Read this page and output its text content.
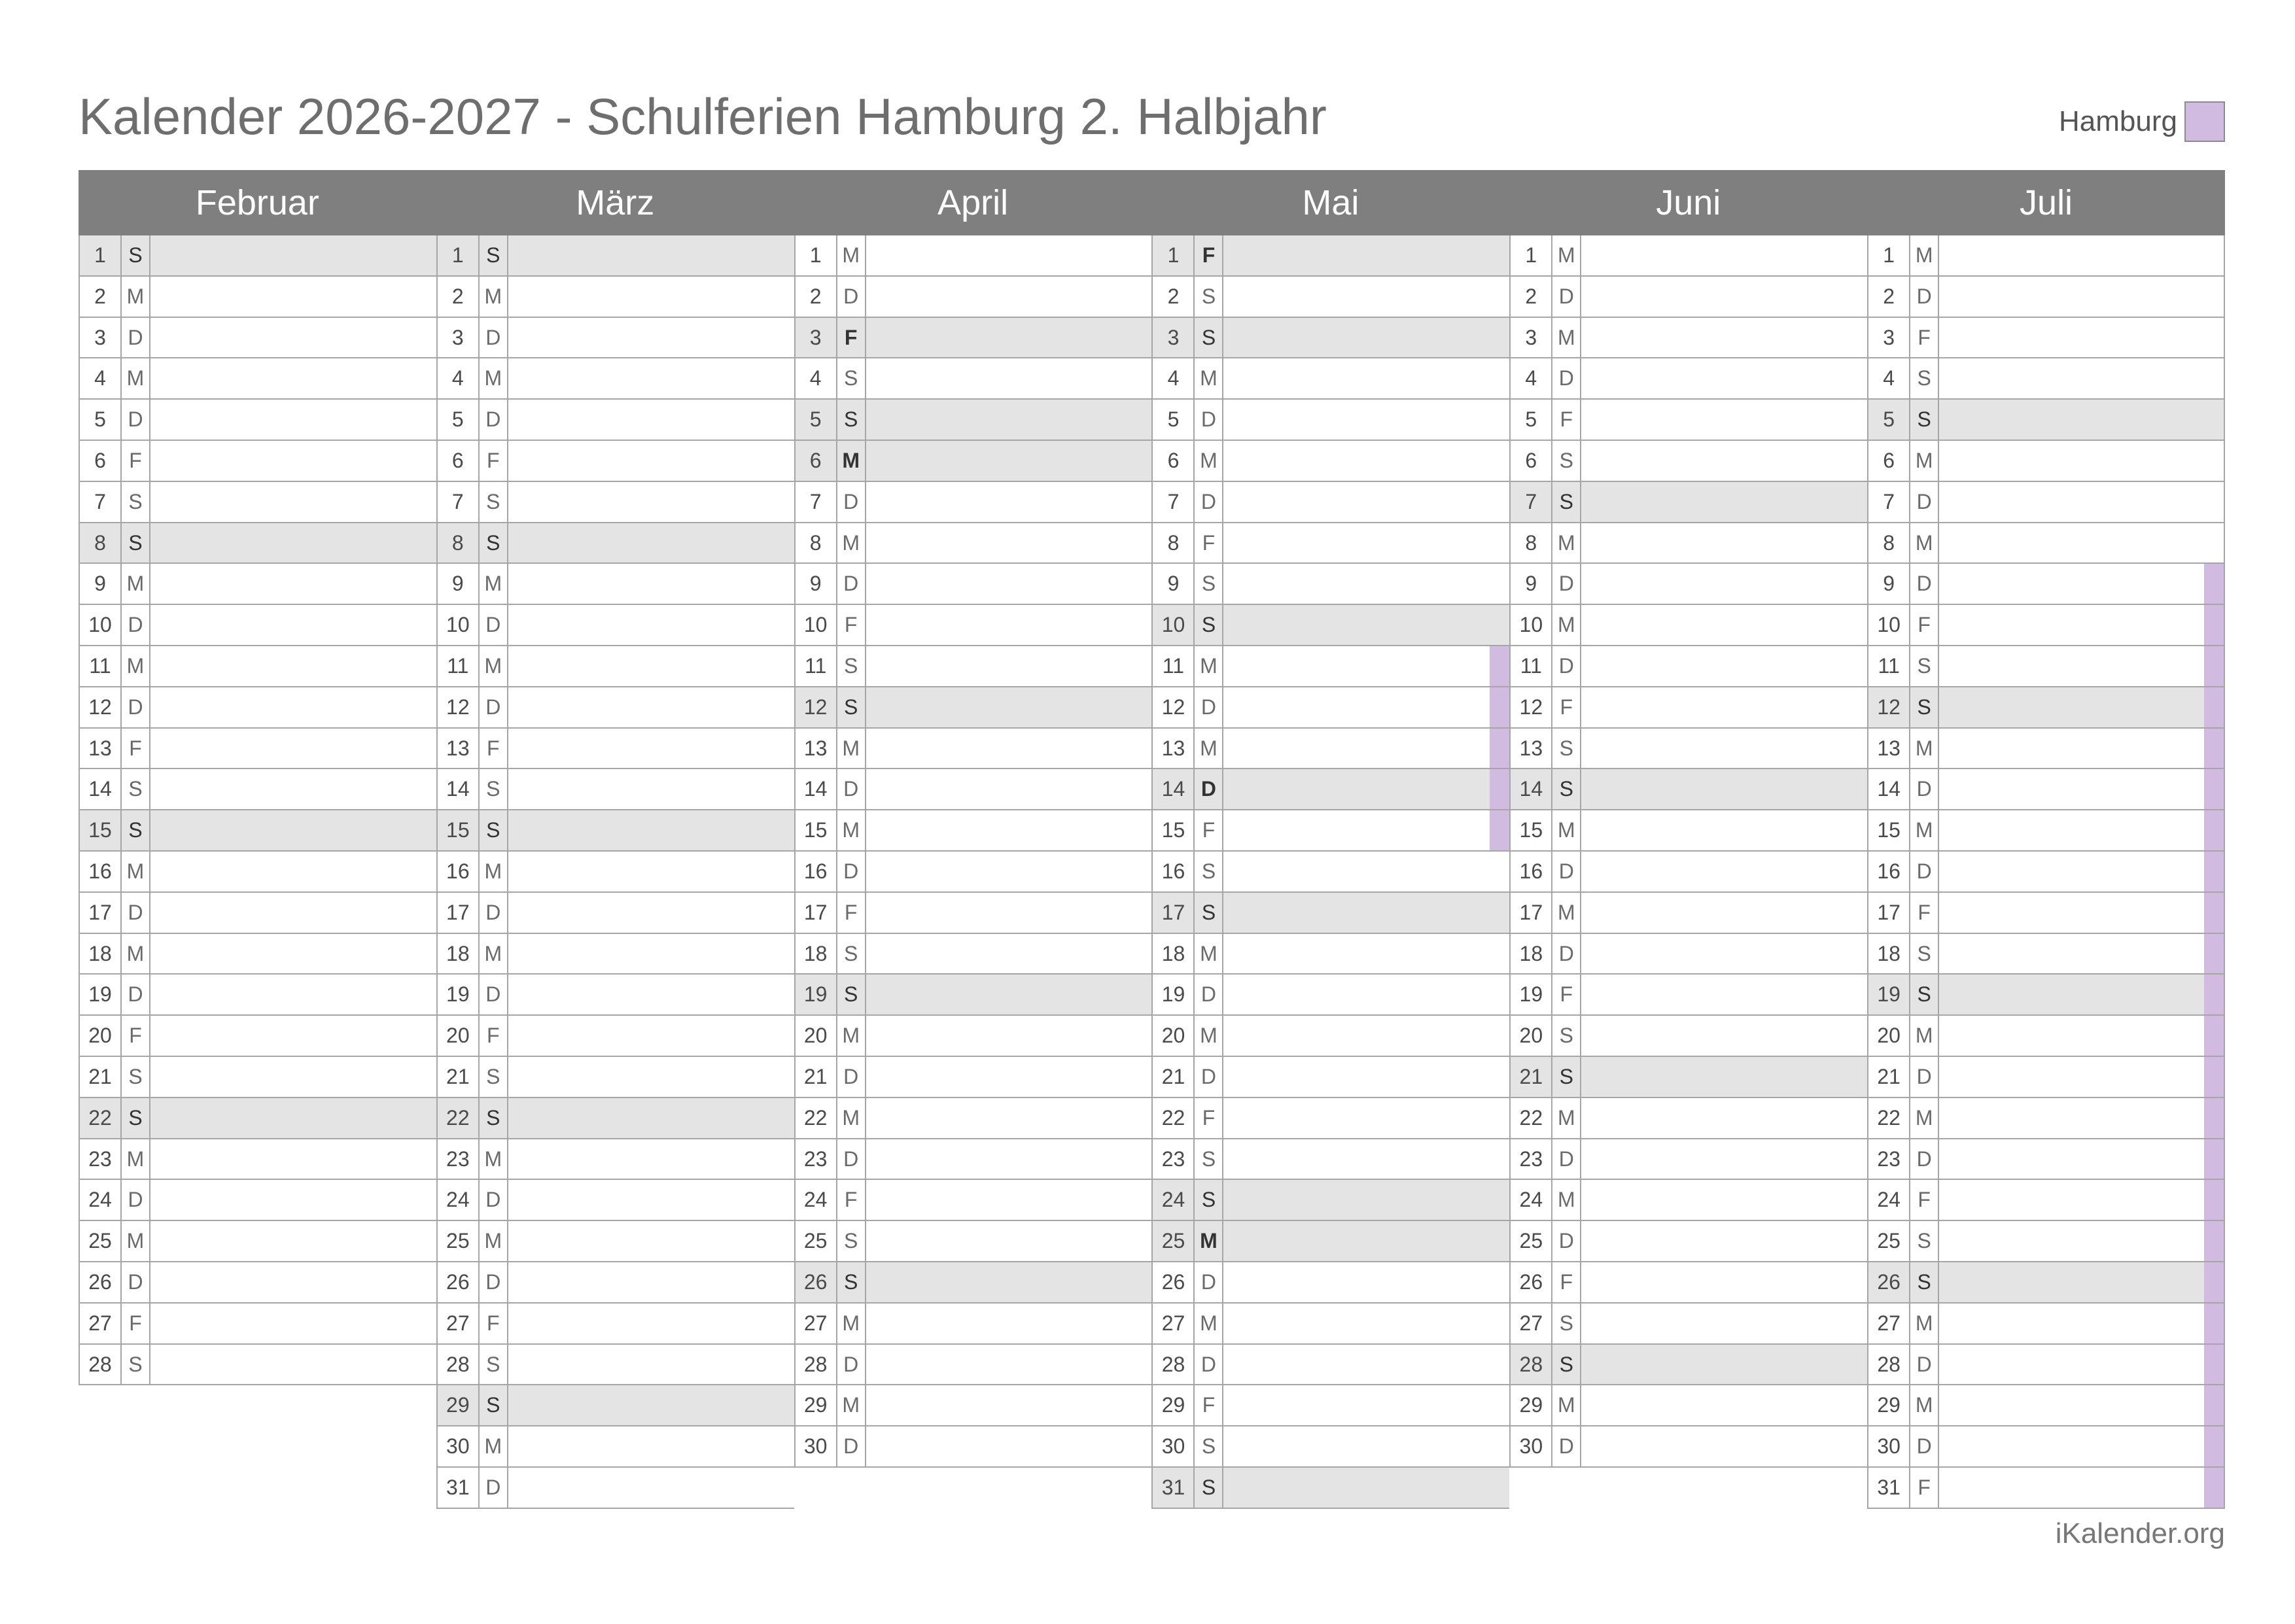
Kalender 2026-2027 - Schulferien Hamburg 2. Halbjahr	Hamburg
Februar	März	April	Mai	Juni	Juli
1	S
2 M
3	D
4 M
5	D
6	F
7	S
8	S
9 M
10 D
11 M
12 D
13 F
14 S
15 S
16 M
17 D
18 M
19 D
20 F
21 S
22 S
23 M
24 D
25 M
26 D
27 F
28 S
1	S
2 M
3	D
4 M
5	D
6	F
7	S
8	S
9 M
10 D
11 M
12 D
13 F
14 S
15 S
16 M
17 D
18 M
19 D
20 F
21 S
22 S
23 M
24 D
25 M
26 D
27 F
28 S
29 S
30 M
31 D
1 M
2	D
3	F
4	S
5	S
6 M
7	D
8 M
9	D
10 F
11 S
12 S
13 M
14 D
15 M
16 D
17 F
18 S
19 S
20 M
21 D
22 M
23 D
24 F
25 S
26 S
27 M
28 D
29 M
30 D
1	F
2	S
3	S
4 M
5	D
6 M
7	D
8	F
9	S
10 S
11 M
12 D
13 M
14 D
15 F
16 S
17 S
18 M
19 D
20 M
21 D
22 F
23 S
24 S
25 M
26 D
27 M
28 D
29 F
30 S
31 S
1 M
2	D
3 M
4	D
5	F
6	S
7	S
8 M
9	D
10 M
11 D
12 F
13 S
14 S
15 M
16 D
17 M
18 D
19 F
20 S
21 S
22 M
23 D
24 M
25 D
26 F
27 S
28 S
29 M
30 D
1 M
2	D
3	F
4	S
5	S
6 M
7	D
8 M
9	D
10 F
11 S
12 S
13 M
14 D
15 M
16 D
17 F
18 S
19 S
20 M
21 D
22 M
23 D
24 F
25 S
26 S
27 M
28 D
29 M
30 D
31 F
iKalender.org
